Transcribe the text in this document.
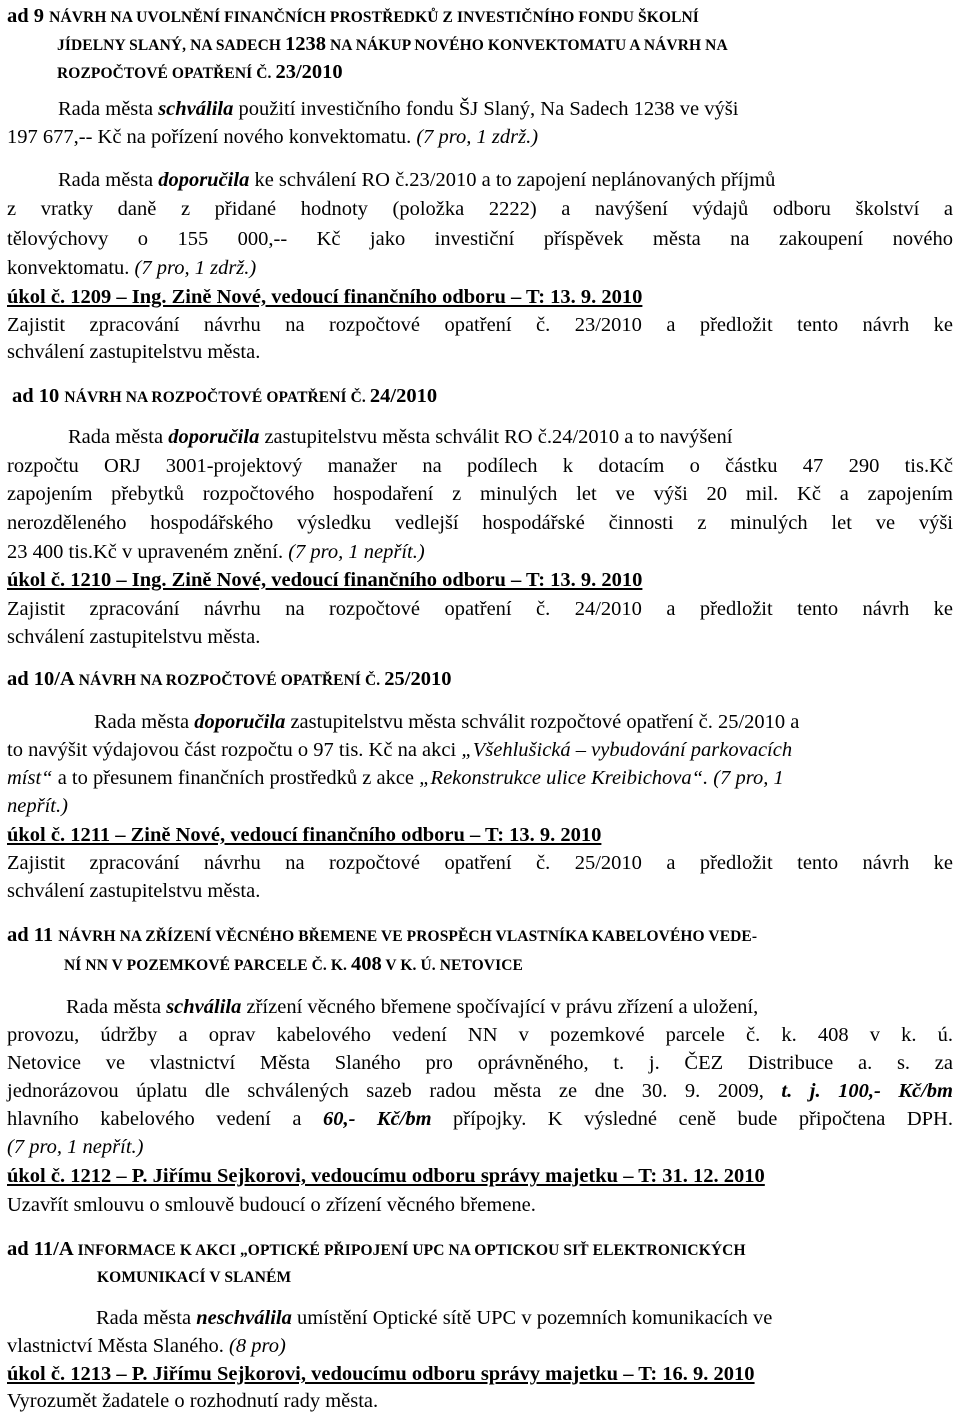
ad 9 NÁVRH NA UVOLNĚNÍ FINANČNÍCH PROSTŘEDKŮ Z INVESTIČNÍHO FONDU ŠKOLNÍ
JÍDELNY SLANÝ, NA SADECH 1238 NA NÁKUP NOVÉHO KONVEKTOMATU A NÁVRH NA
ROZPOČTOVÉ OPATŘENÍ Č. 23/2010
Rada města schválila použití investičního fondu ŠJ Slaný, Na Sadech 1238 ve výši
197 677,-- Kč na pořízení nového konvektomatu. (7 pro, 1 zdrž.)
Rada města doporučila ke schválení RO č.23/2010 a to zapojení neplánovaných příjmů
z vratky daně z přidané hodnoty (položka 2222) a navýšení výdajů odboru školství a
tělovýchovy o 155 000,-- Kč jako investiční příspěvek města na zakoupení nového
konvektomatu. (7 pro, 1 zdrž.)
úkol č. 1209 – Ing. Zině Nové, vedoucí finančního odboru – T: 13. 9. 2010
Zajistit zpracování návrhu na rozpočtové opatření č. 23/2010 a předložit tento návrh ke
schválení zastupitelstvu města.
ad 10 NÁVRH NA ROZPOČTOVÉ OPATŘENÍ Č. 24/2010
Rada města doporučila zastupitelstvu města schválit RO č.24/2010 a to navýšení
rozpočtu ORJ 3001-projektový manažer na podílech k dotacím o částku 47 290 tis.Kč
zapojením přebytků rozpočtového hospodaření z minulých let ve výši 20 mil. Kč a zapojením
nerozděleného hospodářského výsledku vedlejší hospodářské činnosti z minulých let ve výši
23 400 tis.Kč v upraveném znění. (7 pro, 1 nepřít.)
úkol č. 1210 – Ing. Zině Nové, vedoucí finančního odboru – T: 13. 9. 2010
Zajistit zpracování návrhu na rozpočtové opatření č. 24/2010 a předložit tento návrh ke
schválení zastupitelstvu města.
ad 10/A NÁVRH NA ROZPOČTOVÉ OPATŘENÍ Č. 25/2010
Rada města doporučila zastupitelstvu města schválit rozpočtové opatření č. 25/2010 a
to navýšit výdajovou část rozpočtu o 97 tis. Kč na akci „Všehlušická – vybudování parkovacích
míst“ a to přesunem finančních prostředků z akce „Rekonstrukce ulice Kreibichova“. (7 pro, 1
nepřít.)
úkol č. 1211 – Zině Nové, vedoucí finančního odboru – T: 13. 9. 2010
Zajistit zpracování návrhu na rozpočtové opatření č. 25/2010 a předložit tento návrh ke
schválení zastupitelstvu města.
ad 11 NÁVRH NA ZŘÍZENÍ VĚCNÉHO BŘEMENE VE PROSPĚCH VLASTNÍKA KABELOVÉHO VEDE-
NÍ NN V POZEMKOVÉ PARCELE Č. K. 408 V K. Ú. NETOVICE
Rada města schválila zřízení věcného břemene spočívající v právu zřízení a uložení,
provozu, údržby a oprav kabelového vedení NN v pozemkové parcele č. k. 408 v k. ú.
Netovice ve vlastnictví Města Slaného pro oprávněného, t. j. ČEZ Distribuce a. s. za
jednorázovou úplatu dle schválených sazeb radou města ze dne 30. 9. 2009, t. j. 100,- Kč/bm
hlavního kabelového vedení a 60,- Kč/bm přípojky. K výsledné ceně bude připočtena DPH.
(7 pro, 1 nepřít.)
úkol č. 1212 – P. Jiřímu Sejkorovi, vedoucímu odboru správy majetku – T: 31. 12. 2010
Uzavřít smlouvu o smlouvě budoucí o zřízení věcného břemene.
ad 11/A INFORMACE K AKCI „OPTICKÉ PŘIPOJENÍ UPC NA OPTICKOU SIŤ ELEKTRONICKÝCH
KOMUNIKACÍ V SLANÉM
Rada města neschválila umístění Optické sítě UPC v pozemních komunikacích ve
vlastnictví Města Slaného. (8 pro)
úkol č. 1213 – P. Jiřímu Sejkorovi, vedoucímu odboru správy majetku – T: 16. 9. 2010
Vyrozumět žadatele o rozhodnutí rady města.
